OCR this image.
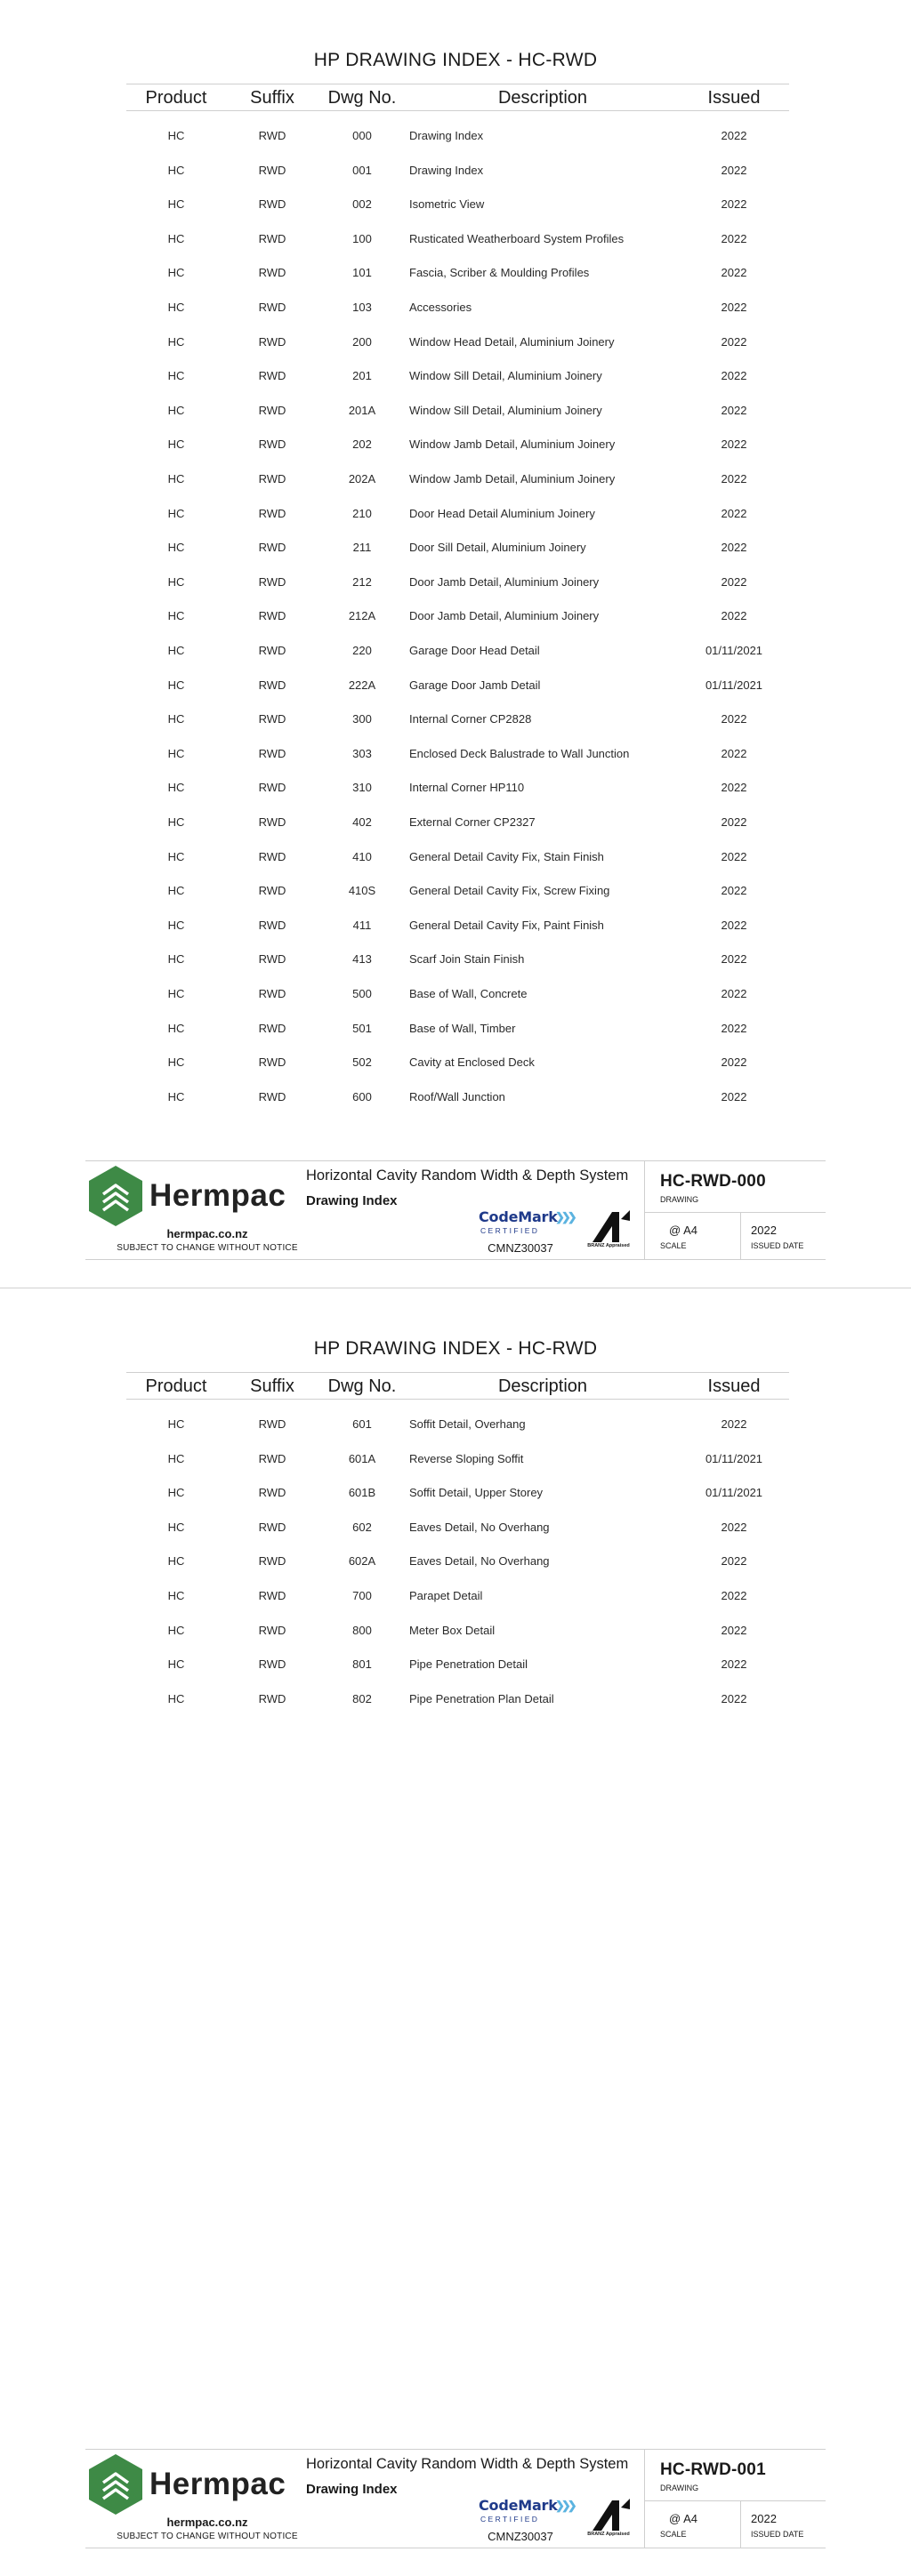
HP DRAWING INDEX - HC-RWD
Product	Suffix	Dwg No.	Description	Issued
HC	RWD	000	Drawing Index	2022
HC	RWD	001	Drawing Index	2022
HC	RWD	002	Isometric View	2022
HC	RWD	100	Rusticated Weatherboard System Profiles	2022
HC	RWD	101	Fascia, Scriber & Moulding Profiles	2022
HC	RWD	103	Accessories	2022
HC	RWD	200	Window Head Detail, Aluminium Joinery	2022
HC	RWD	201	Window Sill Detail, Aluminium Joinery	2022
HC	RWD	201A	Window Sill Detail, Aluminium Joinery	2022
HC	RWD	202	Window Jamb Detail, Aluminium Joinery	2022
HC	RWD	202A	Window Jamb Detail, Aluminium Joinery	2022
HC	RWD	210	Door Head Detail Aluminium Joinery	2022
HC	RWD	211	Door Sill Detail, Aluminium Joinery	2022
HC	RWD	212	Door Jamb Detail, Aluminium Joinery	2022
HC	RWD	212A	Door Jamb Detail, Aluminium Joinery	2022
HC	RWD	220	Garage Door Head Detail	01/11/2021
HC	RWD	222A	Garage Door Jamb Detail	01/11/2021
HC	RWD	300	Internal Corner CP2828	2022
HC	RWD	303	Enclosed Deck Balustrade to Wall Junction	2022
HC	RWD	310	Internal Corner HP110	2022
HC	RWD	402	External Corner CP2327	2022
HC	RWD	410	General Detail Cavity Fix, Stain Finish	2022
HC	RWD	410S	General Detail Cavity Fix, Screw Fixing	2022
HC	RWD	411	General Detail Cavity Fix, Paint Finish	2022
HC	RWD	413	Scarf Join Stain Finish	2022
HC	RWD	500	Base of Wall, Concrete	2022
HC	RWD	501	Base of Wall, Timber	2022
HC	RWD	502	Cavity at Enclosed Deck	2022
HC	RWD	600	Roof/Wall Junction	2022
Hermpac
hermpac.co.nz
SUBJECT TO CHANGE WITHOUT NOTICE
Horizontal Cavity Random Width & Depth System
Drawing Index
CodeMark
❯❯❯
CERTIFIED
CMNZ30037	BRANZ Appraised
HC-RWD-000
DRAWING
@ A4
SCALE
2022
ISSUED DATE
HP DRAWING INDEX - HC-RWD
Product	Suffix	Dwg No.	Description	Issued
HC	RWD	601	Soffit Detail, Overhang	2022
HC	RWD	601A	Reverse Sloping Soffit	01/11/2021
HC	RWD	601B	Soffit Detail, Upper Storey	01/11/2021
HC	RWD	602	Eaves Detail, No Overhang	2022
HC	RWD	602A	Eaves Detail, No Overhang	2022
HC	RWD	700	Parapet Detail	2022
HC	RWD	800	Meter Box Detail	2022
HC	RWD	801	Pipe Penetration Detail	2022
HC	RWD	802	Pipe Penetration Plan Detail	2022
Hermpac
hermpac.co.nz
SUBJECT TO CHANGE WITHOUT NOTICE
Horizontal Cavity Random Width & Depth System
Drawing Index
CodeMark
❯❯❯
CERTIFIED
CMNZ30037	BRANZ Appraised
HC-RWD-001
DRAWING
@ A4
SCALE
2022
ISSUED DATE
